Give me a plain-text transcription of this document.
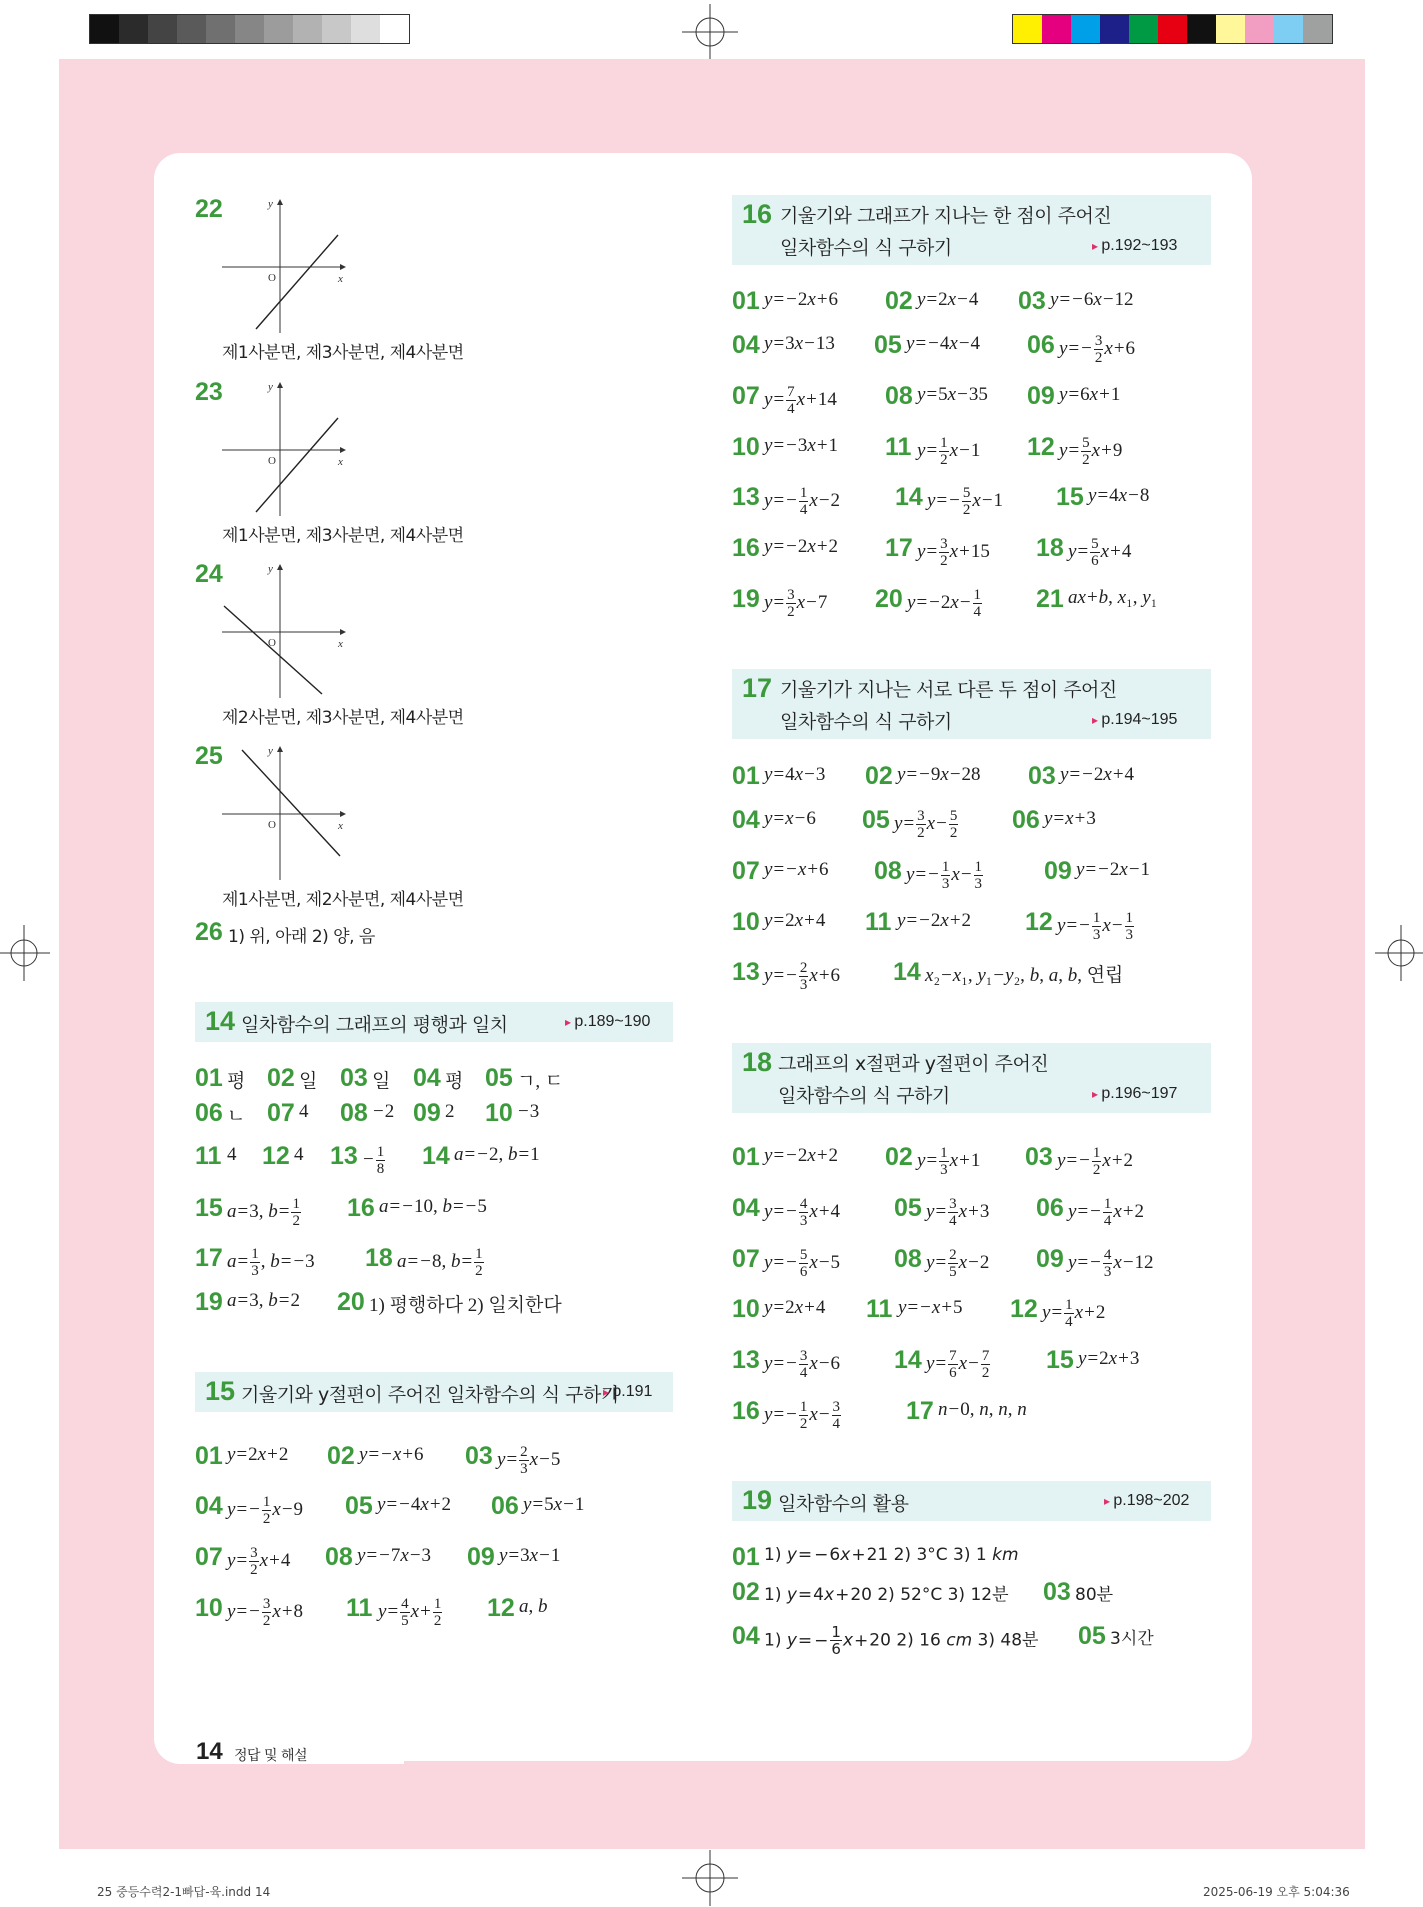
22
O	x
y
제1사분면, 제3사분면, 제4사분면
23
O	x
y
제1사분면, 제3사분면, 제4사분면
24
O	x
y
제2사분면, 제3사분면, 제4사분면
25
O	x
y
제1사분면, 제2사분면, 제4사분면
26 1) 위, 아래 2) 양, 음
14 일차함수의 그래프의 평행과 일치	▸ p.189~190
15 기울기와 y절편이 주어진 일차함수의 식 구하기
▸ p.191
16 기울기와 그래프가 지나는 한 점이 주어진
일차함수의 식 구하기	▸ p.192~193
17 기울기가 지나는 서로 다른 두 점이 주어진
일차함수의 식 구하기	▸ p.194~195
18 그래프의 x절편과 y절편이 주어진
일차함수의 식 구하기	▸ p.196~197
19 일차함수의 활용	▸ p.198~202
01 평 02 일 03 일 04 평 05 ㄱ, ㄷ
06 ㄴ 07 4 08 −2 09 2 10 −3
11 4 12 4 $13 - \frac{1}{8} 14$ a= −2, b=1
15 a=3, $b= \frac{1}{2} 16$ a= −10, b= −5
17 $a= \frac{1}{3}$ , b= −3 18 a= −8, $b= \frac{1}{2}$
19 a=3, b=2 20 1) 평행하다 2) 일치한다
01 y=2x+2 02 y= −x+6 03 $y= \frac{2}{3} x-5$
04 $y= - \frac{1}{2} x-9$ 05 y= −4x+2 06 y=5x−1
07 $y= \frac{3}{2} x+4$ 08 y= −7x−3 09 y=3x−1
10 $y= - \frac{3}{2} x+8$ 11 $y= \frac{4}{5} x+ \frac{1}{2} 12$ a, b
01 y= −2x+6 02 y=2x−4 03 y= −6x−12
04 y=3x−13 05 y= −4x−4 06 $y= - \frac{3}{2} x+6$
07 $y= \frac{7}{4} x+14$ 08 y=5x−35 09 y=6x+1
10 y= −3x+1 11 $y= \frac{1}{2} x-1$ 12 $y= \frac{5}{2} x+9$
13 $y= - \frac{1}{4} x-2$ 14 $y= - \frac{5}{2} x-1$ 15 y=4x−8
16 y= −2x+2 17 $y= \frac{3}{2} x+15$ 18 $y= \frac{5}{6} x+4$
19 $y= \frac{3}{2} x-7$ 20 $y= -2x- \frac{1}{4} 21$ ax+b, x₁, y₁
01 y=4x−3 02 y= −9x−28 03 y= −2x+4
04 y=x−6 05 $y= \frac{3}{2} x- \frac{5}{2} 06$ y=x+3
07 y= −x+6 08 $y= - \frac{1}{3} x- \frac{1}{3} 09$ y= −2x−1
10 y=2x+4 11 y= −2x+2 12 $y= - \frac{1}{3} x- \frac{1}{3}$
13 $y= - \frac{2}{3} x+6$ 14 x₂−x₁, y₁−y₂, b, a, b, 연립
01 y= −2x+2 02 $y= \frac{1}{3} x+1$ 03 $y= - \frac{1}{2} x+2$
04 $y= - \frac{4}{3} x+4$ 05 $y= \frac{3}{4} x+3$ 06 $y= - \frac{1}{4} x+2$
07 $y= - \frac{5}{6} x-5$ 08 $y= \frac{2}{5} x-2$ 09 $y= - \frac{4}{3} x-12$
10 y=2x+4 11 y= −x+5 12 $y= \frac{1}{4} x+2$
13 $y= - \frac{3}{4} x-6$ 14 $y= \frac{7}{6} x- \frac{7}{2} 15$ y=2x+3
16 $y= - \frac{1}{2} x- \frac{3}{4}$	17 n−0, n, n, n
01 1) y= −6x+21 2) 3°C 3) 1 km
02 1) y=4x+20 2) 52°C 3) 12분 03 80분
04 1) $y= - \frac{1}{6} x+20$ 2) 16 cm 3) 48분 05 3시간
14 정답 및 해설
25 중등수력2-1빠답-육.indd 14	2025-06-19 오후 5:04:36
